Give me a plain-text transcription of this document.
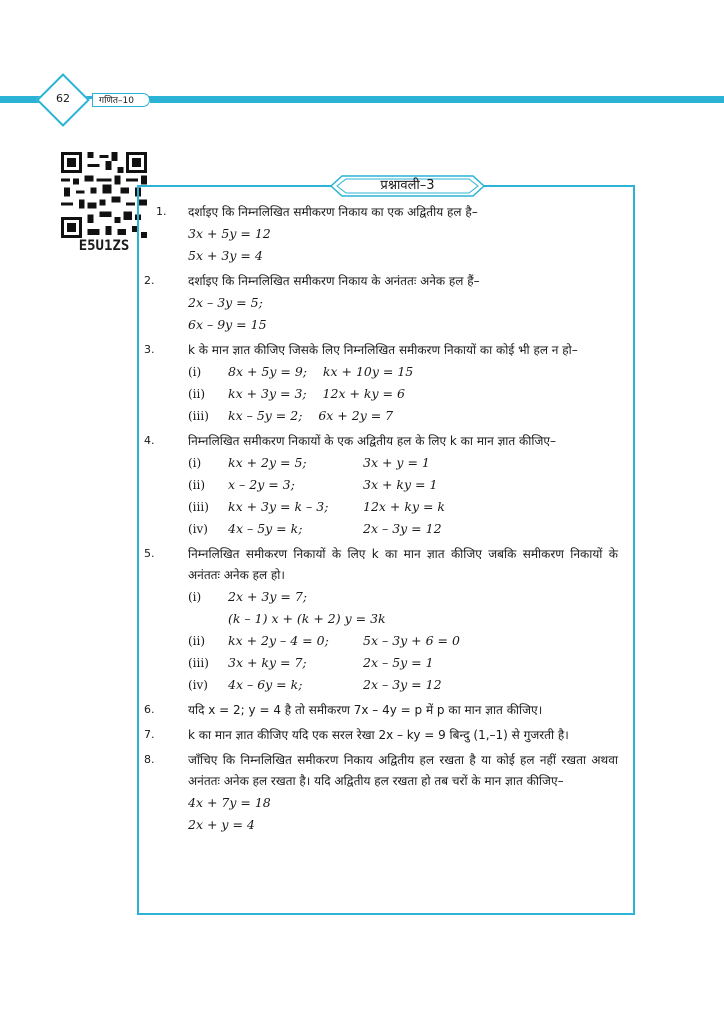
62	गणित–10
E5U1ZS
प्रश्नावली–3
1. दर्शाइए कि निम्नलिखित समीकरण निकाय का एक अद्वितीय हल है–
3x + 5y = 12
5x + 3y = 4
2.	दर्शाइए कि निम्नलिखित समीकरण निकाय के अनंततः अनेक हल हैं–
2x – 3y = 5;
6x – 9y = 15
3.	k के मान ज्ञात कीजिए जिसके लिए निम्नलिखित समीकरण निकायों का कोई भी हल न हो–
(i)	8x + 5y = 9;    kx + 10y = 15
(ii)	kx + 3y = 3;    12x + ky = 6
(iii)	kx – 5y = 2;    6x + 2y = 7
4.	निम्नलिखित समीकरण निकायों के एक अद्वितीय हल के लिए k का मान ज्ञात कीजिए–
(i)	kx + 2y = 5;	3x + y = 1
(ii)	x – 2y = 3;	3x + ky = 1
(iii)	kx + 3y = k – 3;	12x + ky = k
(iv)	4x – 5y = k;	2x – 3y = 12
5.	निम्नलिखित समीकरण निकायों के लिए k का मान ज्ञात कीजिए जबकि समीकरण निकायों के अनंततः अनेक हल हो।
(i)	2x + 3y = 7;
(k – 1) x + (k + 2) y = 3k
(ii)	kx + 2y – 4 = 0;	5x – 3y + 6 = 0
(iii)	3x + ky = 7;	2x – 5y = 1
(iv)	4x – 6y = k;	2x – 3y = 12
6.	यदि x = 2; y = 4 है तो समीकरण 7x – 4y = p में p का मान ज्ञात कीजिए।
7.	k का मान ज्ञात कीजिए यदि एक सरल रेखा 2x – ky = 9 बिन्दु (1,–1) से गुजरती है।
8.	जाँचिए कि निम्नलिखित समीकरण निकाय अद्वितीय हल रखता है या कोई हल नहीं रखता अथवा अनंततः अनेक हल रखता है। यदि अद्वितीय हल रखता हो तब चरों के मान ज्ञात कीजिए–
4x + 7y = 18
2x + y = 4
